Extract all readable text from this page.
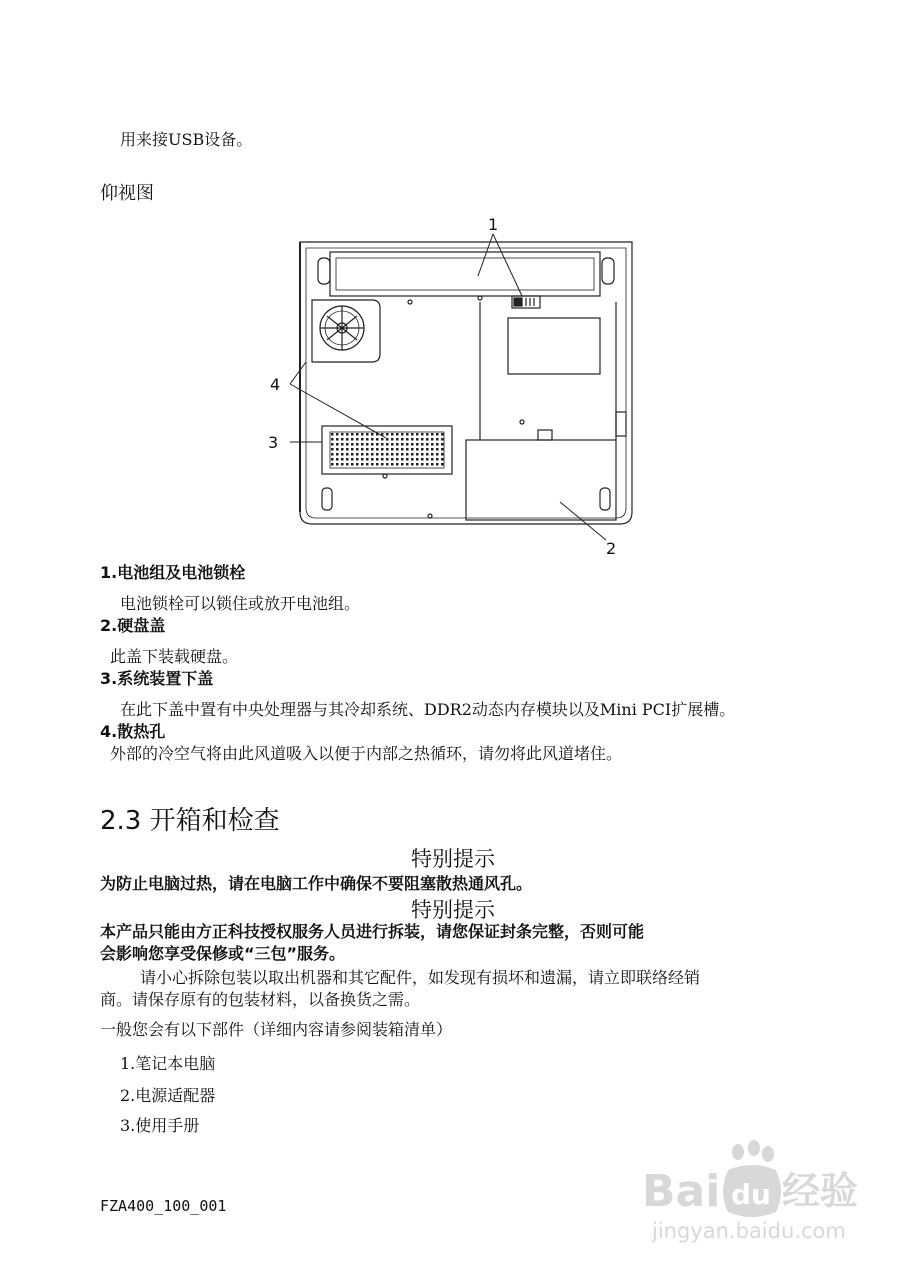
用来接USB设备。
仰视图
1
2
3
4
1.电池组及电池锁栓
电池锁栓可以锁住或放开电池组。
2.硬盘盖
此盖下装载硬盘。
3.系统装置下盖
在此下盖中置有中央处理器与其冷却系统、DDR2动态内存模块以及Mini PCI扩展槽。
4.散热孔
外部的冷空气将由此风道吸入以便于内部之热循环，请勿将此风道堵住。
2.3 开箱和检查
特别提示
为防止电脑过热，请在电脑工作中确保不要阻塞散热通风孔。
特别提示
本产品只能由方正科技授权服务人员进行拆装，请您保证封条完整，否则可能
会影响您享受保修或“三包”服务。
请小心拆除包装以取出机器和其它配件，如发现有损坏和遗漏，请立即联络经销
商。请保存原有的包装材料，以备换货之需。
一般您会有以下部件（详细内容请参阅装箱清单）
1.笔记本电脑
2.电源适配器
3.使用手册
FZA400_100_001	Bai du 经验
jingyan.baidu.com
